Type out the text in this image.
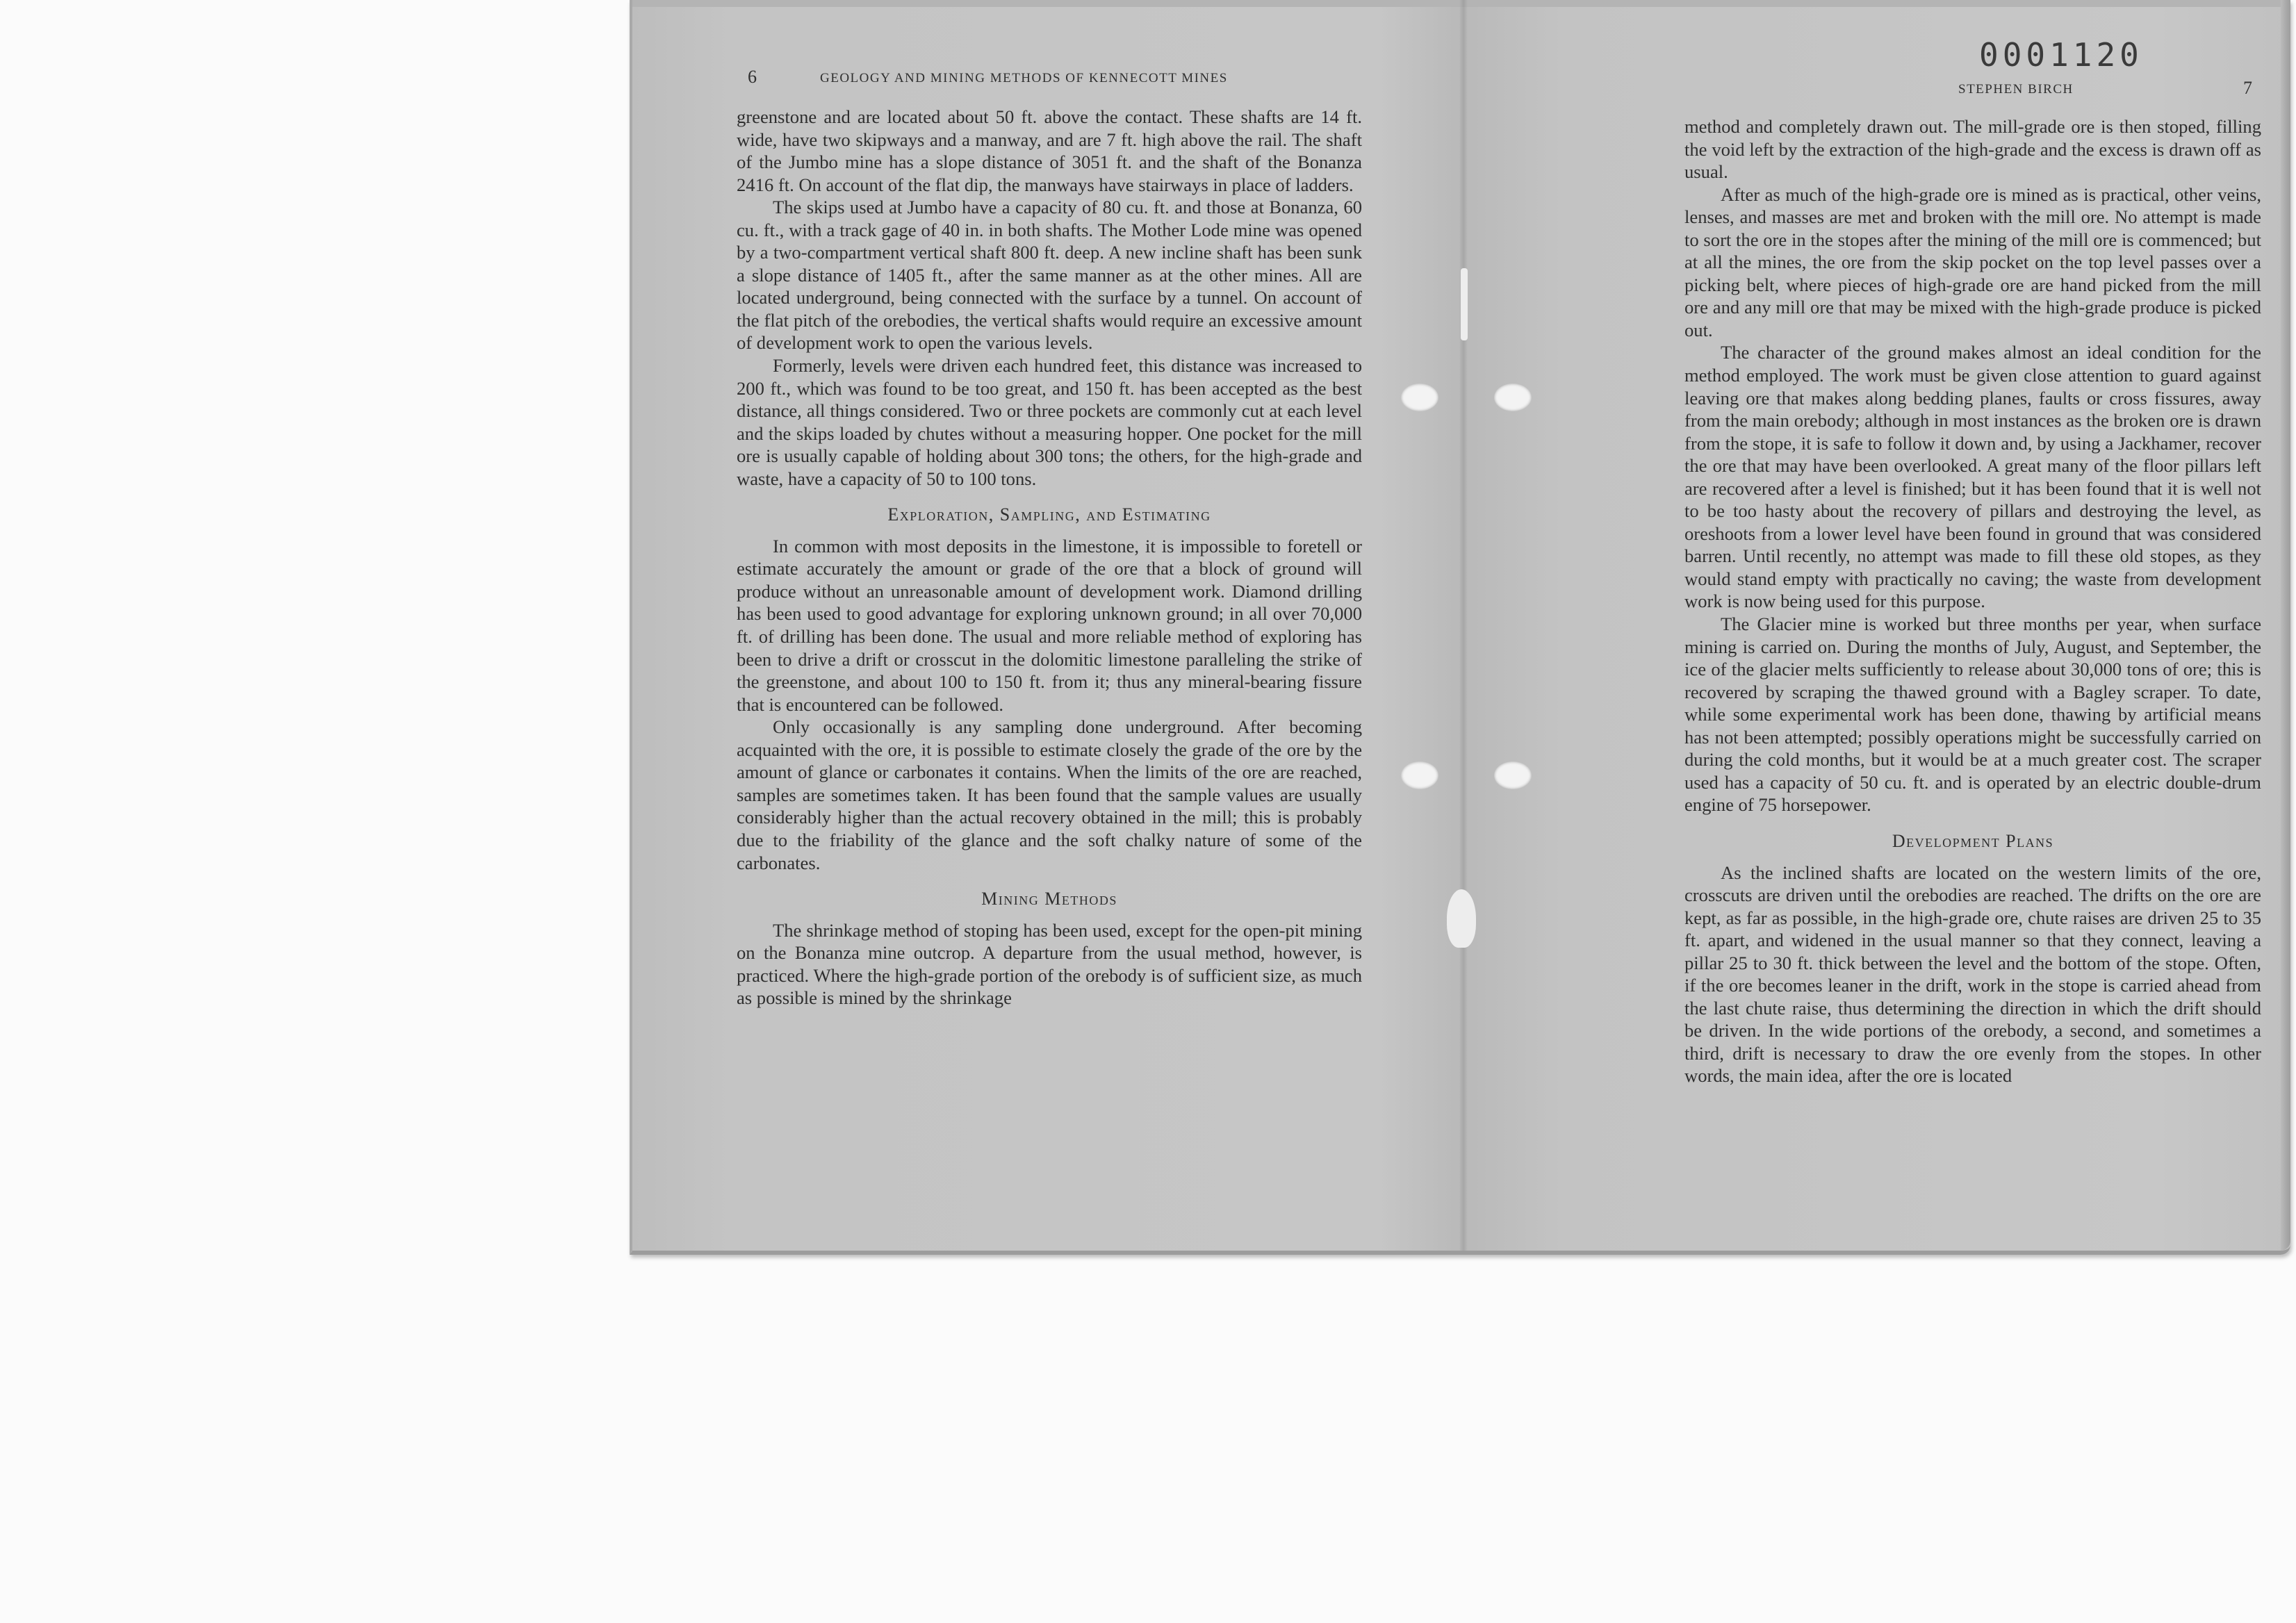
6	GEOLOGY AND MINING METHODS OF KENNECOTT MINES

greenstone and are located about 50 ft. above the contact. These shafts are 14 ft. wide, have two skipways and a manway, and are 7 ft. high above the rail. The shaft of the Jumbo mine has a slope distance of 3051 ft. and the shaft of the Bonanza 2416 ft. On account of the flat dip, the manways have stairways in place of ladders.

The skips used at Jumbo have a capacity of 80 cu. ft. and those at Bonanza, 60 cu. ft., with a track gage of 40 in. in both shafts. The Mother Lode mine was opened by a two-compartment vertical shaft 800 ft. deep. A new incline shaft has been sunk a slope distance of 1405 ft., after the same manner as at the other mines. All are located underground, being connected with the surface by a tunnel. On account of the flat pitch of the orebodies, the vertical shafts would require an excessive amount of development work to open the various levels.

Formerly, levels were driven each hundred feet, this distance was increased to 200 ft., which was found to be too great, and 150 ft. has been accepted as the best distance, all things considered. Two or three pockets are commonly cut at each level and the skips loaded by chutes without a measuring hopper. One pocket for the mill ore is usually capable of holding about 300 tons; the others, for the high-grade and waste, have a capacity of 50 to 100 tons.

Exploration, Sampling, and Estimating

In common with most deposits in the limestone, it is impossible to foretell or estimate accurately the amount or grade of the ore that a block of ground will produce without an unreasonable amount of development work. Diamond drilling has been used to good advantage for exploring unknown ground; in all over 70,000 ft. of drilling has been done. The usual and more reliable method of exploring has been to drive a drift or crosscut in the dolomitic limestone paralleling the strike of the greenstone, and about 100 to 150 ft. from it; thus any mineral-bearing fissure that is encountered can be followed.

Only occasionally is any sampling done underground. After becoming acquainted with the ore, it is possible to estimate closely the grade of the ore by the amount of glance or carbonates it contains. When the limits of the ore are reached, samples are sometimes taken. It has been found that the sample values are usually considerably higher than the actual recovery obtained in the mill; this is probably due to the friability of the glance and the soft chalky nature of some of the carbonates.

Mining Methods

The shrinkage method of stoping has been used, except for the open-pit mining on the Bonanza mine outcrop. A departure from the usual method, however, is practiced. Where the high-grade portion of the orebody is of sufficient size, as much as possible is mined by the shrinkage

0001120
STEPHEN BIRCH	7

method and completely drawn out. The mill-grade ore is then stoped, filling the void left by the extraction of the high-grade and the excess is drawn off as usual.

After as much of the high-grade ore is mined as is practical, other veins, lenses, and masses are met and broken with the mill ore. No attempt is made to sort the ore in the stopes after the mining of the mill ore is commenced; but at all the mines, the ore from the skip pocket on the top level passes over a picking belt, where pieces of high-grade ore are hand picked from the mill ore and any mill ore that may be mixed with the high-grade produce is picked out.

The character of the ground makes almost an ideal condition for the method employed. The work must be given close attention to guard against leaving ore that makes along bedding planes, faults or cross fissures, away from the main orebody; although in most instances as the broken ore is drawn from the stope, it is safe to follow it down and, by using a Jackhamer, recover the ore that may have been overlooked. A great many of the floor pillars left are recovered after a level is finished; but it has been found that it is well not to be too hasty about the recovery of pillars and destroying the level, as oreshoots from a lower level have been found in ground that was considered barren. Until recently, no attempt was made to fill these old stopes, as they would stand empty with practically no caving; the waste from development work is now being used for this purpose.

The Glacier mine is worked but three months per year, when surface mining is carried on. During the months of July, August, and September, the ice of the glacier melts sufficiently to release about 30,000 tons of ore; this is recovered by scraping the thawed ground with a Bagley scraper. To date, while some experimental work has been done, thawing by artificial means has not been attempted; possibly operations might be successfully carried on during the cold months, but it would be at a much greater cost. The scraper used has a capacity of 50 cu. ft. and is operated by an electric double-drum engine of 75 horsepower.

Development Plans

As the inclined shafts are located on the western limits of the ore, crosscuts are driven until the orebodies are reached. The drifts on the ore are kept, as far as possible, in the high-grade ore, chute raises are driven 25 to 35 ft. apart, and widened in the usual manner so that they connect, leaving a pillar 25 to 30 ft. thick between the level and the bottom of the stope. Often, if the ore becomes leaner in the drift, work in the stope is carried ahead from the last chute raise, thus determining the direction in which the drift should be driven. In the wide portions of the orebody, a second, and sometimes a third, drift is necessary to draw the ore evenly from the stopes. In other words, the main idea, after the ore is located
